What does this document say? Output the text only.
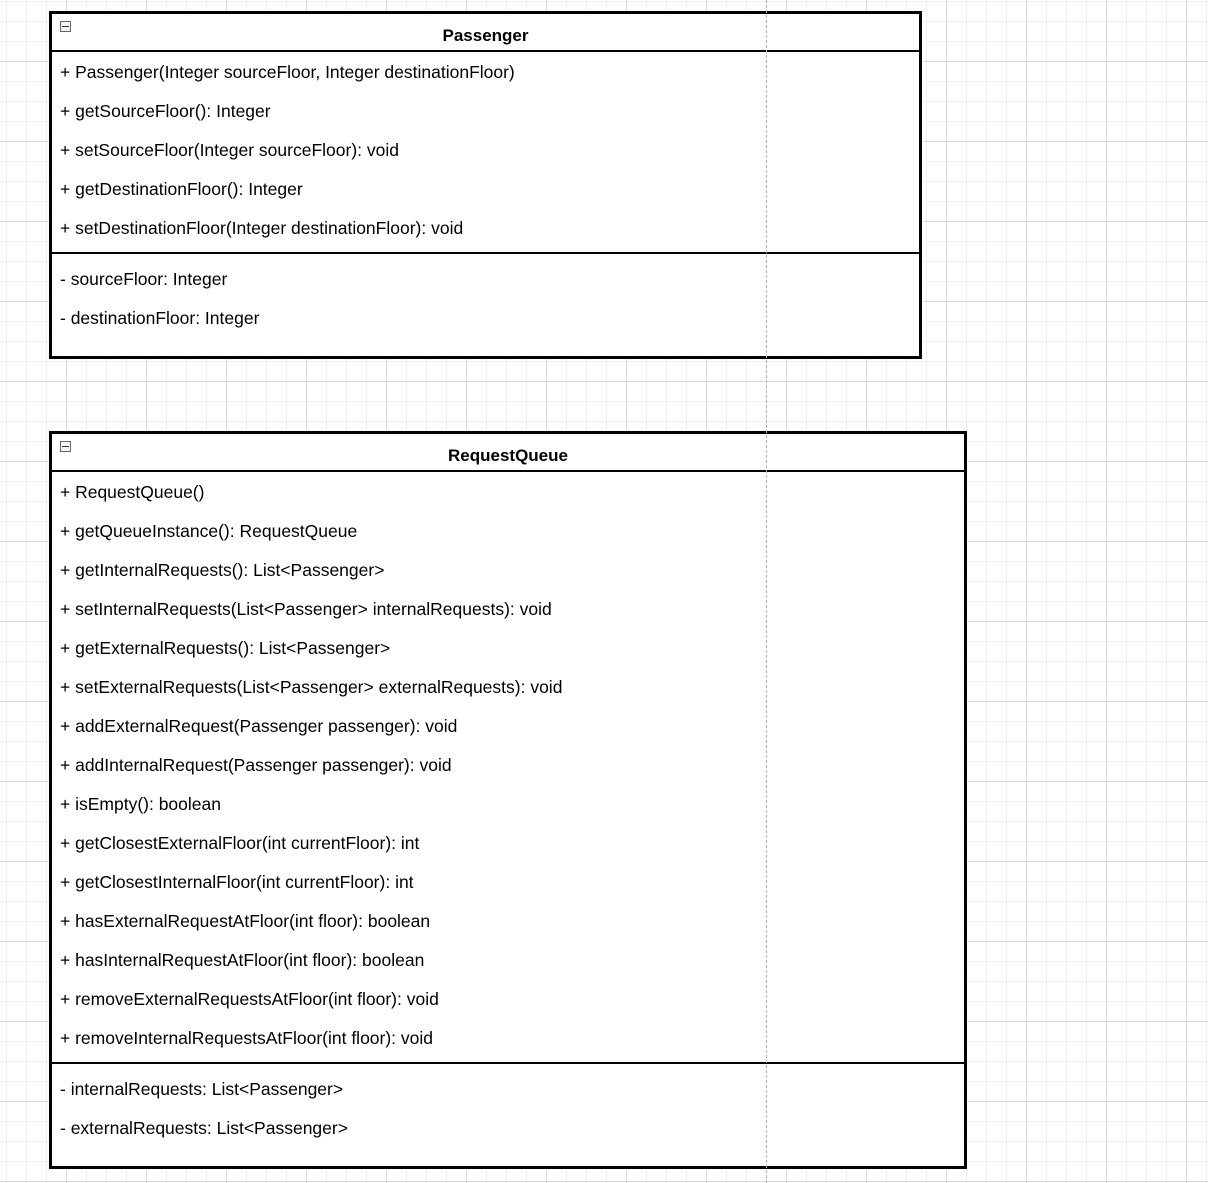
Passenger
+ Passenger(Integer sourceFloor, Integer destinationFloor)
+ getSourceFloor(): Integer
+ setSourceFloor(Integer sourceFloor): void
+ getDestinationFloor(): Integer
+ setDestinationFloor(Integer destinationFloor): void
- sourceFloor: Integer
- destinationFloor: Integer
RequestQueue
+ RequestQueue()
+ getQueueInstance(): RequestQueue
+ getInternalRequests(): List<Passenger>
+ setInternalRequests(List<Passenger> internalRequests): void
+ getExternalRequests(): List<Passenger>
+ setExternalRequests(List<Passenger> externalRequests): void
+ addExternalRequest(Passenger passenger): void
+ addInternalRequest(Passenger passenger): void
+ isEmpty(): boolean
+ getClosestExternalFloor(int currentFloor): int
+ getClosestInternalFloor(int currentFloor): int
+ hasExternalRequestAtFloor(int floor): boolean
+ hasInternalRequestAtFloor(int floor): boolean
+ removeExternalRequestsAtFloor(int floor): void
+ removeInternalRequestsAtFloor(int floor): void
- internalRequests: List<Passenger>
- externalRequests: List<Passenger>
